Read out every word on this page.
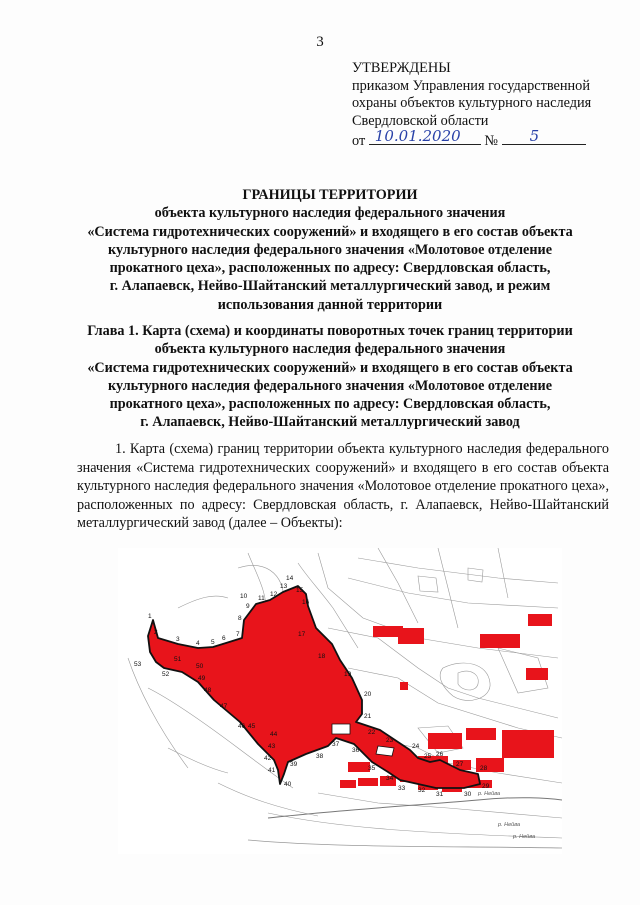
3
УТВЕРЖДЕНЫ
приказом Управления государственной
охраны объектов культурного наследия
Свердловской области
от 10.01.2020 № 5
ГРАНИЦЫ ТЕРРИТОРИИ
объекта культурного наследия федерального значения
«Система гидротехнических сооружений» и входящего в его состав объекта
культурного наследия федерального значения «Молотовое отделение
прокатного цеха», расположенных по адресу: Свердловская область,
г. Алапаевск, Нейво-Шайтанский металлургический завод, и режим
использования данной территории
Глава 1. Карта (схема) и координаты поворотных точек границ территории
объекта культурного наследия федерального значения
«Система гидротехнических сооружений» и входящего в его состав объекта
культурного наследия федерального значения «Молотовое отделение
прокатного цеха», расположенных по адресу: Свердловская область,
г. Алапаевск, Нейво-Шайтанский металлургический завод
1. Карта (схема) границ территории объекта культурного наследия федерального значения «Система гидротехнических сооружений» и входящего в его состав объекта культурного наследия федерального значения «Молотовое отделение прокатного цеха», расположенных по адресу: Свердловская область, г. Алапаевск, Нейво-Шайтанский металлургический завод (далее – Объекты):
р. Нейва
р. Нейва
р. Нейва
1
2
3
4 5
6
7
8
9
10 11
12
13
14
15
16
17
18
19
20
21
22
23
24
25 26
27
28
29
30
31
32
33
34
35
36
37
38
39
40
41
42
43
44
45
46
47
48
49
50
51
52
53
